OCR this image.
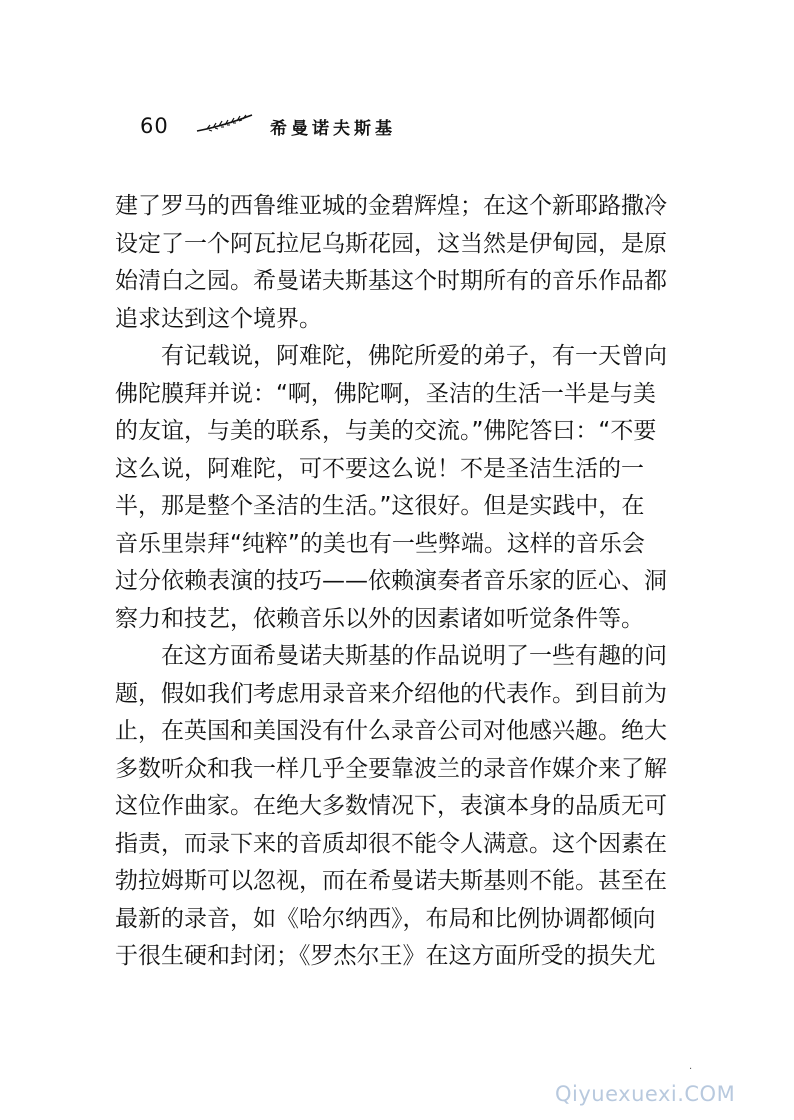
60	希曼诺夫斯基

建了罗马的西鲁维亚城的金碧辉煌；在这个新耶路撒冷
设定了一个阿瓦拉尼乌斯花园，这当然是伊甸园，是原
始清白之园。希曼诺夫斯基这个时期所有的音乐作品都
追求达到这个境界。

有记载说，阿难陀，佛陀所爱的弟子，有一天曾向
佛陀膜拜并说：“啊，佛陀啊，圣洁的生活一半是与美
的友谊，与美的联系，与美的交流。”佛陀答曰：“不要
这么说，阿难陀，可不要这么说！不是圣洁生活的一
半，那是整个圣洁的生活。”这很好。但是实践中，在
音乐里崇拜“纯粹”的美也有一些弊端。这样的音乐会
过分依赖表演的技巧——依赖演奏者音乐家的匠心、洞
察力和技艺，依赖音乐以外的因素诸如听觉条件等。

在这方面希曼诺夫斯基的作品说明了一些有趣的问
题，假如我们考虑用录音来介绍他的代表作。到目前为
止，在英国和美国没有什么录音公司对他感兴趣。绝大
多数听众和我一样几乎全要靠波兰的录音作媒介来了解
这位作曲家。在绝大多数情况下，表演本身的品质无可
指责，而录下来的音质却很不能令人满意。这个因素在
勃拉姆斯可以忽视，而在希曼诺夫斯基则不能。甚至在
最新的录音，如《哈尔纳西》，布局和比例协调都倾向
于很生硬和封闭；《罗杰尔王》在这方面所受的损失尤

·
Qiyuexuexi.COM
